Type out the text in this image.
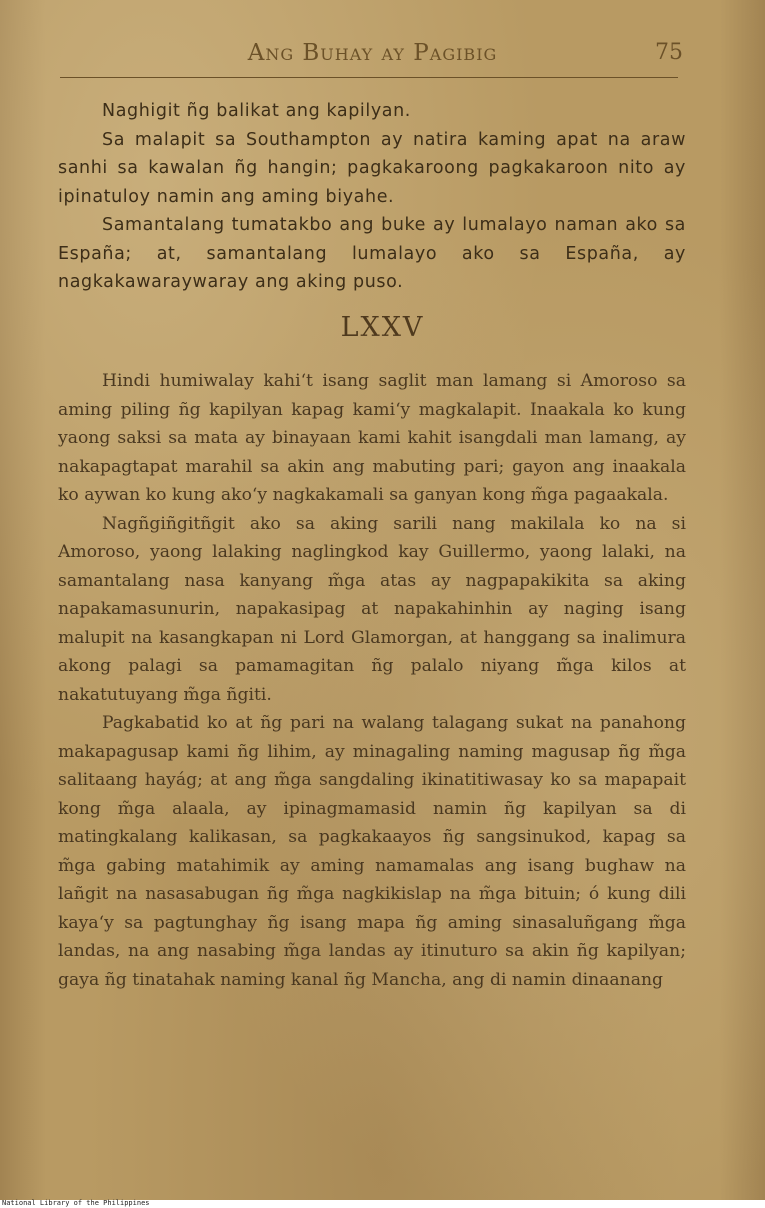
Ang Buhay ay Pagibig	75

Naghigit ñg balikat ang kapilyan.

Sa malapit sa Southampton ay natira kaming apat na araw sanhi sa kawalan ñg hangin; pagkakaroong pagkakaroon nito ay ipinatuloy namin ang aming biyahe.

Samantalang tumatakbo ang buke ay lumalayo naman ako sa España; at, samantalang lumalayo ako sa España, ay nagkakawaraywaray ang aking puso.

LXXV

Hindi humiwalay kahi‘t isang saglit man lamang si Amoroso sa aming piling ñg kapilyan kapag kami‘y magkalapit. Inaakala ko kung yaong saksi sa mata ay binayaan kami kahit isangdali man lamang, ay nakapagtapat marahil sa akin ang mabuting pari; gayon ang inaakala ko aywan ko kung ako‘y nagkakamali sa ganyan kong m̃ga pagaakala.

Nagñgiñgitñgit ako sa aking sarili nang makilala ko na si Amoroso, yaong lalaking naglingkod kay Guillermo, yaong lalaki, na samantalang nasa kanyang m̃ga atas ay nagpapakikita sa aking napakamasunurin, napakasipag at napakahinhin ay naging isang malupit na kasangkapan ni Lord Glamorgan, at hanggang sa inalimura akong palagi sa pamamagitan ñg palalo niyang m̃ga kilos at nakatutuyang m̃ga ñgiti.

Pagkabatid ko at ñg pari na walang talagang sukat na panahong makapagusap kami ñg lihim, ay minagaling naming magusap ñg m̃ga salitaang hayág; at ang m̃ga sangdaling ikinatitiwasay ko sa mapapait kong m̃ga alaala, ay ipinagmamasid namin ñg kapilyan sa di matingkalang kalikasan, sa pagkakaayos ñg sangsinukod, kapag sa m̃ga gabing matahimik ay aming namamalas ang isang bughaw na lañgit na nasasabugan ñg m̃ga nagkikislap na m̃ga bituin; ó kung dili kaya‘y sa pagtunghay ñg isang mapa ñg aming sinasaluñgang m̃ga landas, na ang nasabing m̃ga landas ay itinuturo sa akin ñg kapilyan; gaya ñg tinatahak naming kanal ñg Mancha, ang di namin dinaanang

National Library of the Philippines
